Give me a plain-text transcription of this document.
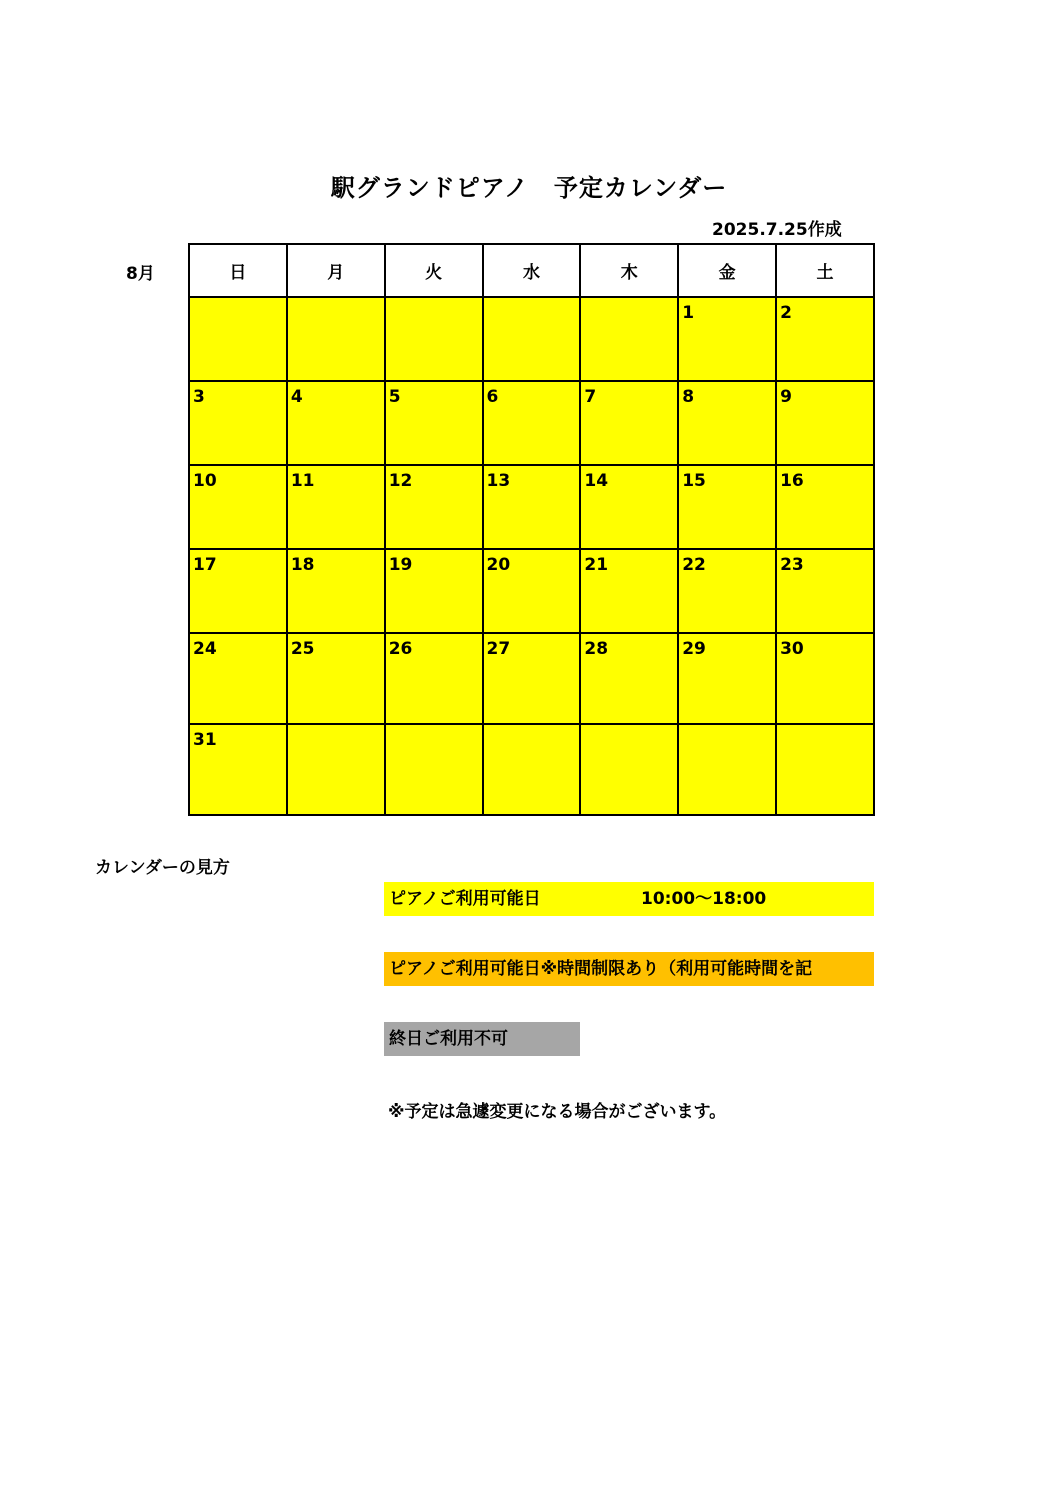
駅グランドピアノ　予定カレンダー
2025.7.25作成
8月	日	月	火	水	木	金	土

					1	2

3	4	5	6	7	8	9

10	11	12	13	14	15	16

17	18	19	20	21	22	23

24	25	26	27	28	29	30

31						

カレンダーの見方
ピアノご利用可能日	10:00～18:00
ピアノご利用可能日※時間制限あり（利用可能時間を記
終日ご利用不可
※予定は急遽変更になる場合がございます。
